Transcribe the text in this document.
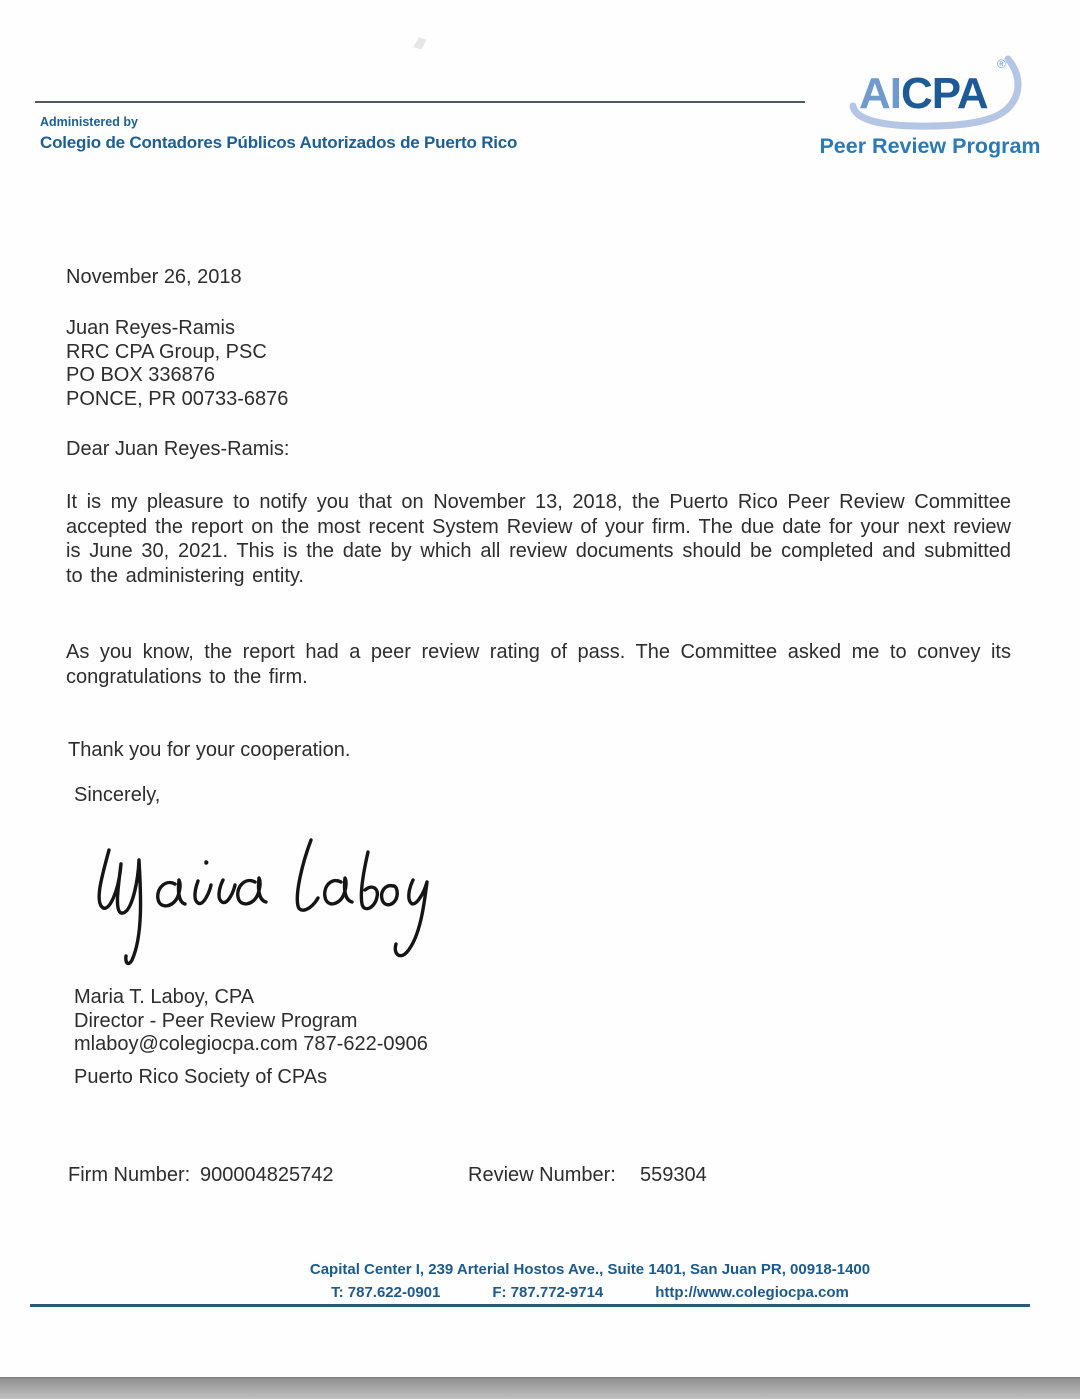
Administered by
Colegio de Contadores Públicos Autorizados de Puerto Rico
AICPA
®
Peer Review Program
November 26, 2018
Juan Reyes-Ramis
RRC CPA Group, PSC
PO BOX 336876
PONCE, PR 00733-6876
Dear Juan Reyes-Ramis:
It is my pleasure to notify you that on November 13, 2018, the Puerto Rico Peer Review Committee accepted the report on the most recent System Review of your firm. The due date for your next review is June 30, 2021. This is the date by which all review documents should be completed and submitted to the administering entity.
As you know, the report had a peer review rating of pass. The Committee asked me to convey its congratulations to the firm.
Thank you for your cooperation.
Sincerely,
Maria T. Laboy, CPA
Director - Peer Review Program
mlaboy@colegiocpa.com 787-622-0906
Puerto Rico Society of CPAs
Firm Number: 900004825742	Review Number: 559304
Capital Center I, 239 Arterial Hostos Ave., Suite 1401, San Juan PR, 00918-1400
T: 787.622-0901	F: 787.772-9714	http://www.colegiocpa.com
